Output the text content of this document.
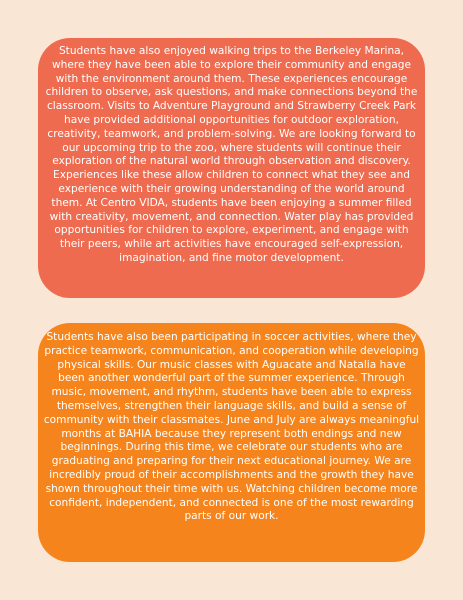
Students have also enjoyed walking trips to the Berkeley Marina, where they have been able to explore their community and engage with the environment around them. These experiences encourage children to observe, ask questions, and make connections beyond the classroom. Visits to Adventure Playground and Strawberry Creek Park have provided additional opportunities for outdoor exploration, creativity, teamwork, and problem-solving. We are looking forward to our upcoming trip to the zoo, where students will continue their exploration of the natural world through observation and discovery. Experiences like these allow children to connect what they see and experience with their growing understanding of the world around them. At Centro VIDA, students have been enjoying a summer filled with creativity, movement, and connection. Water play has provided opportunities for children to explore, experiment, and engage with their peers, while art activities have encouraged self-expression, imagination, and fine motor development.

Students have also been participating in soccer activities, where they practice teamwork, communication, and cooperation while developing physical skills. Our music classes with Aguacate and Natalia have been another wonderful part of the summer experience. Through music, movement, and rhythm, students have been able to express themselves, strengthen their language skills, and build a sense of community with their classmates. June and July are always meaningful months at BAHIA because they represent both endings and new beginnings. During this time, we celebrate our students who are graduating and preparing for their next educational journey. We are incredibly proud of their accomplishments and the growth they have shown throughout their time with us. Watching children become more confident, independent, and connected is one of the most rewarding parts of our work.
